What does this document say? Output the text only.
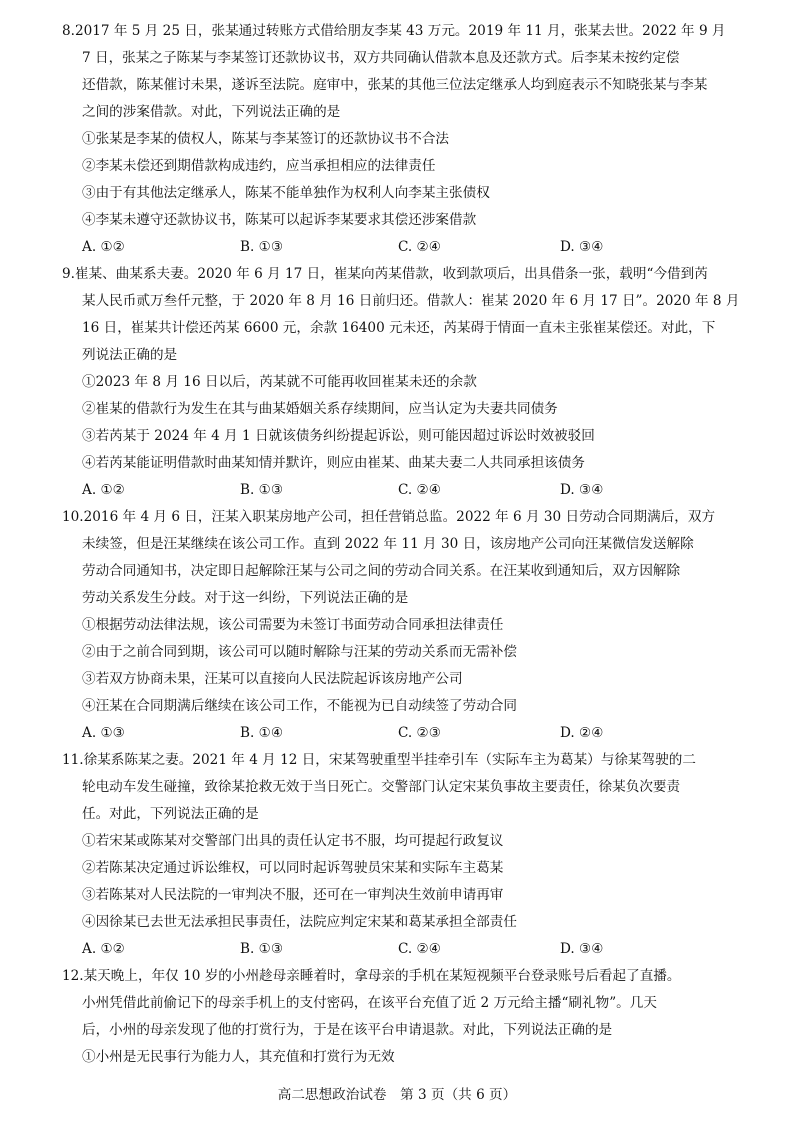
8.2017 年 5 月 25 日，张某通过转账方式借给朋友李某 43 万元。2019 年 11 月，张某去世。2022 年 9 月
7 日，张某之子陈某与李某签订还款协议书，双方共同确认借款本息及还款方式。后李某未按约定偿
还借款，陈某催讨未果，遂诉至法院。庭审中，张某的其他三位法定继承人均到庭表示不知晓张某与李某
之间的涉案借款。对此，下列说法正确的是
①张某是李某的债权人，陈某与李某签订的还款协议书不合法
②李某未偿还到期借款构成违约，应当承担相应的法律责任
③由于有其他法定继承人，陈某不能单独作为权利人向李某主张债权
④李某未遵守还款协议书，陈某可以起诉李某要求其偿还涉案借款
A. ①②	B. ①③	C. ②④	D. ③④
9.崔某、曲某系夫妻。2020 年 6 月 17 日，崔某向芮某借款，收到款项后，出具借条一张，载明“今借到芮
某人民币贰万叁仟元整，于 2020 年 8 月 16 日前归还。借款人：崔某 2020 年 6 月 17 日”。2020 年 8 月
16 日，崔某共计偿还芮某 6600 元，余款 16400 元未还，芮某碍于情面一直未主张崔某偿还。对此，下
列说法正确的是
①2023 年 8 月 16 日以后，芮某就不可能再收回崔某未还的余款
②崔某的借款行为发生在其与曲某婚姻关系存续期间，应当认定为夫妻共同债务
③若芮某于 2024 年 4 月 1 日就该债务纠纷提起诉讼，则可能因超过诉讼时效被驳回
④若芮某能证明借款时曲某知情并默许，则应由崔某、曲某夫妻二人共同承担该债务
A. ①②	B. ①③	C. ②④	D. ③④
10.2016 年 4 月 6 日，汪某入职某房地产公司，担任营销总监。2022 年 6 月 30 日劳动合同期满后，双方
未续签，但是汪某继续在该公司工作。直到 2022 年 11 月 30 日，该房地产公司向汪某微信发送解除
劳动合同通知书，决定即日起解除汪某与公司之间的劳动合同关系。在汪某收到通知后，双方因解除
劳动关系发生分歧。对于这一纠纷，下列说法正确的是
①根据劳动法律法规，该公司需要为未签订书面劳动合同承担法律责任
②由于之前合同到期，该公司可以随时解除与汪某的劳动关系而无需补偿
③若双方协商未果，汪某可以直接向人民法院起诉该房地产公司
④汪某在合同期满后继续在该公司工作，不能视为已自动续签了劳动合同
A. ①③	B. ①④	C. ②③	D. ②④
11.徐某系陈某之妻。2021 年 4 月 12 日，宋某驾驶重型半挂牵引车（实际车主为葛某）与徐某驾驶的二
轮电动车发生碰撞，致徐某抢救无效于当日死亡。交警部门认定宋某负事故主要责任，徐某负次要责
任。对此，下列说法正确的是
①若宋某或陈某对交警部门出具的责任认定书不服，均可提起行政复议
②若陈某决定通过诉讼维权，可以同时起诉驾驶员宋某和实际车主葛某
③若陈某对人民法院的一审判决不服，还可在一审判决生效前申请再审
④因徐某已去世无法承担民事责任，法院应判定宋某和葛某承担全部责任
A. ①②	B. ①③	C. ②④	D. ③④
12.某天晚上，年仅 10 岁的小州趁母亲睡着时，拿母亲的手机在某短视频平台登录账号后看起了直播。
小州凭借此前偷记下的母亲手机上的支付密码，在该平台充值了近 2 万元给主播“刷礼物”。几天
后，小州的母亲发现了他的打赏行为，于是在该平台申请退款。对此，下列说法正确的是
①小州是无民事行为能力人，其充值和打赏行为无效
高二思想政治试卷　第 3 页（共 6 页）
